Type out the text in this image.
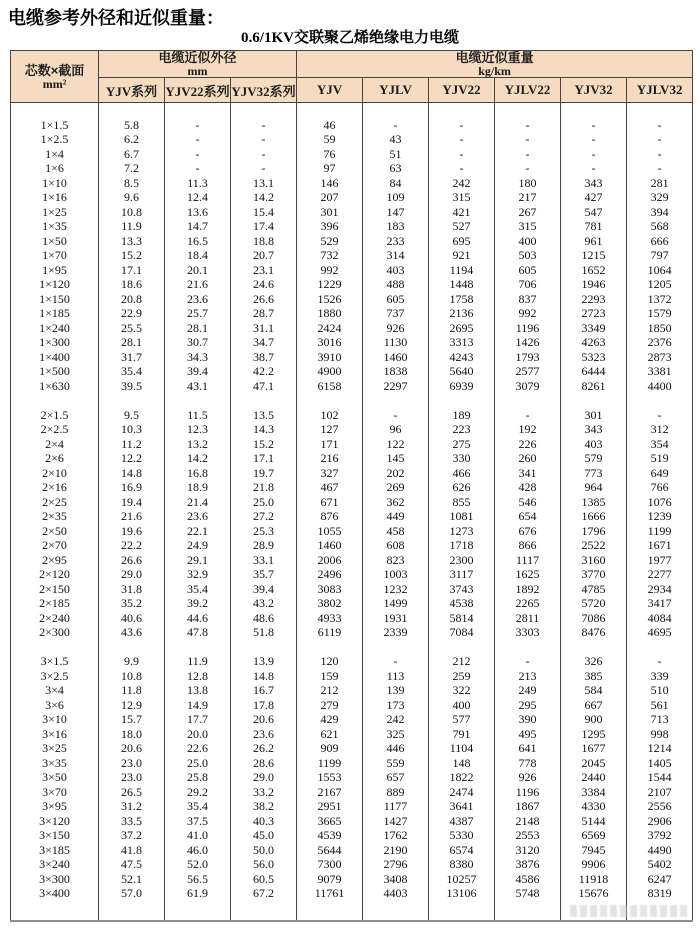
电缆参考外径和近似重量：
0.6/1KV交联聚乙烯绝缘电力电缆
芯数×截面
mm²

电缆近似外径
mm

电缆近似重量
kg/km

	YJV系列	YJV22系列	YJV32系列	YJV	YJLV	YJV22	YJLV22	YJV32	YJLV32

1×1.5	5.8	-	-	46	-	-	-	-	-
1×2.5	6.2	-	-	59	43	-	-	-	-
1×4	6.7	-	-	76	51	-	-	-	-
1×6	7.2	-	-	97	63	-	-	-	-
1×10	8.5	11.3	13.1	146	84	242	180	343	281
1×16	9.6	12.4	14.2	207	109	315	217	427	329
1×25	10.8	13.6	15.4	301	147	421	267	547	394
1×35	11.9	14.7	17.4	396	183	527	315	781	568
1×50	13.3	16.5	18.8	529	233	695	400	961	666
1×70	15.2	18.4	20.7	732	314	921	503	1215	797
1×95	17.1	20.1	23.1	992	403	1194	605	1652	1064
1×120	18.6	21.6	24.6	1229	488	1448	706	1946	1205
1×150	20.8	23.6	26.6	1526	605	1758	837	2293	1372
1×185	22.9	25.7	28.7	1880	737	2136	992	2723	1579
1×240	25.5	28.1	31.1	2424	926	2695	1196	3349	1850
1×300	28.1	30.7	34.7	3016	1130	3313	1426	4263	2376
1×400	31.7	34.3	38.7	3910	1460	4243	1793	5323	2873
1×500	35.4	39.4	42.2	4900	1838	5640	2577	6444	3381
1×630	39.5	43.1	47.1	6158	2297	6939	3079	8261	4400

2×1.5	9.5	11.5	13.5	102	-	189	-	301	-
2×2.5	10.3	12.3	14.3	127	96	223	192	343	312
2×4	11.2	13.2	15.2	171	122	275	226	403	354
2×6	12.2	14.2	17.1	216	145	330	260	579	519
2×10	14.8	16.8	19.7	327	202	466	341	773	649
2×16	16.9	18.9	21.8	467	269	626	428	964	766
2×25	19.4	21.4	25.0	671	362	855	546	1385	1076
2×35	21.6	23.6	27.2	876	449	1081	654	1666	1239
2×50	19.6	22.1	25.3	1055	458	1273	676	1796	1199
2×70	22.2	24.9	28.9	1460	608	1718	866	2522	1671
2×95	26.6	29.1	33.1	2006	823	2300	1117	3160	1977
2×120	29.0	32.9	35.7	2496	1003	3117	1625	3770	2277
2×150	31.8	35.4	39.4	3083	1232	3743	1892	4785	2934
2×185	35.2	39.2	43.2	3802	1499	4538	2265	5720	3417
2×240	40.6	44.6	48.6	4933	1931	5814	2811	7086	4084
2×300	43.6	47.8	51.8	6119	2339	7084	3303	8476	4695

3×1.5	9.9	11.9	13.9	120	-	212	-	326	-
3×2.5	10.8	12.8	14.8	159	113	259	213	385	339
3×4	11.8	13.8	16.7	212	139	322	249	584	510
3×6	12.9	14.9	17.8	279	173	400	295	667	561
3×10	15.7	17.7	20.6	429	242	577	390	900	713
3×16	18.0	20.0	23.6	621	325	791	495	1295	998
3×25	20.6	22.6	26.2	909	446	1104	641	1677	1214
3×35	23.0	25.0	28.6	1199	559	148	778	2045	1405
3×50	23.0	25.8	29.0	1553	657	1822	926	2440	1544
3×70	26.5	29.2	33.2	2167	889	2474	1196	3384	2107
3×95	31.2	35.4	38.2	2951	1177	3641	1867	4330	2556
3×120	33.5	37.5	40.3	3665	1427	4387	2148	5144	2906
3×150	37.2	41.0	45.0	4539	1762	5330	2553	6569	3792
3×185	41.8	46.0	50.0	5644	2190	6574	3120	7945	4490
3×240	47.5	52.0	56.0	7300	2796	8380	3876	9906	5402
3×300	52.1	56.5	60.5	9079	3408	10257	4586	11918	6247
3×400	57.0	61.9	67.2	11761	4403	13106	5748	15676	8319
